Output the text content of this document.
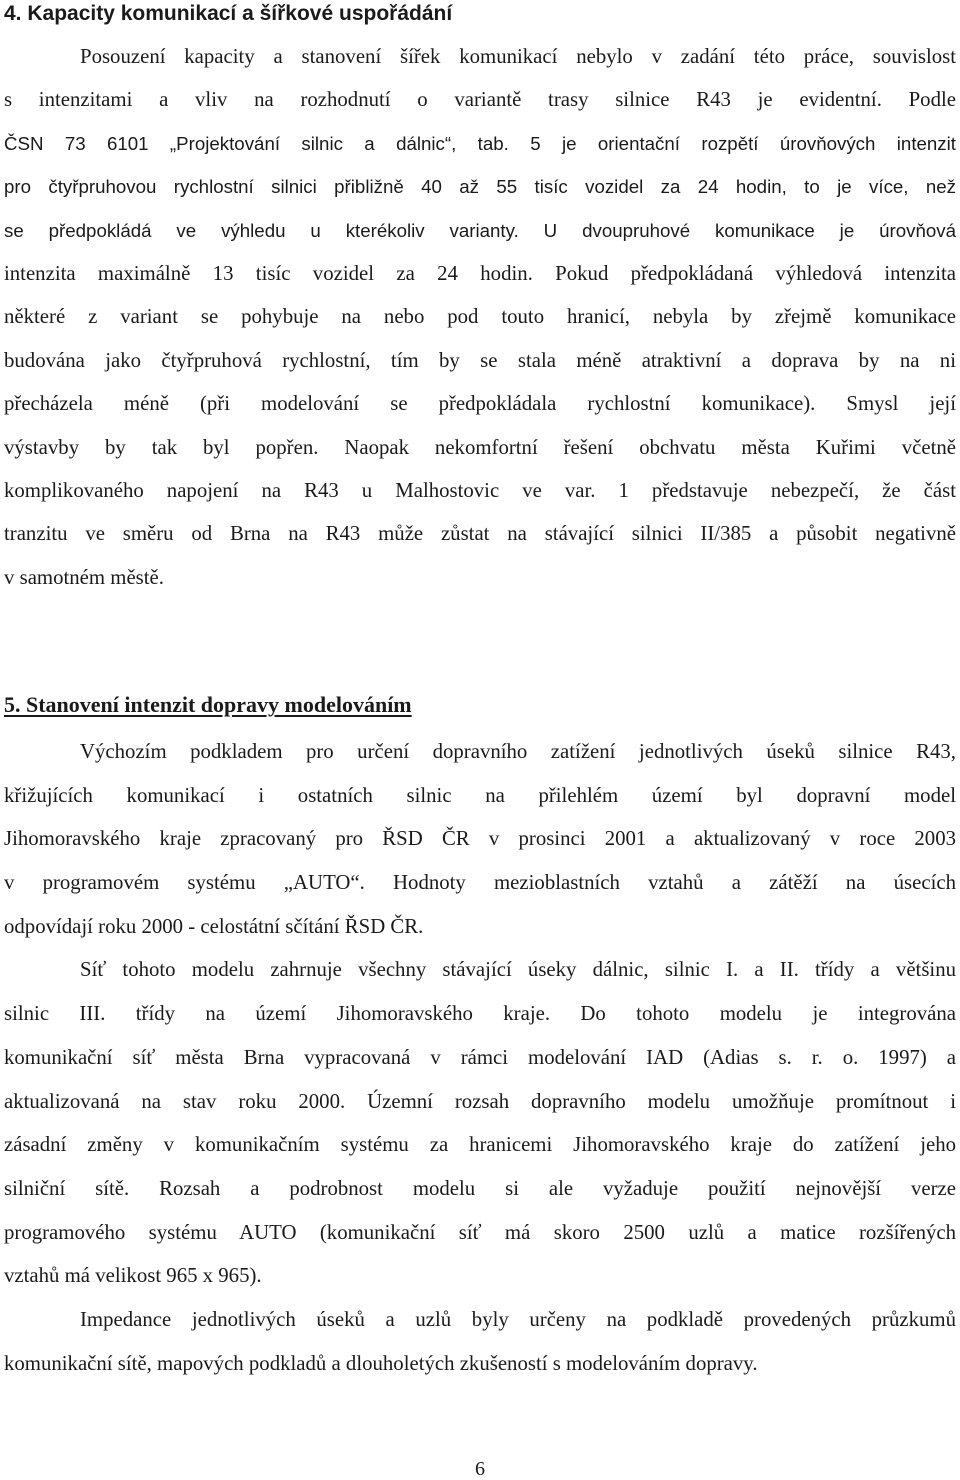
4. Kapacity komunikací a šířkové uspořádání
Posouzení kapacity a stanovení šířek komunikací nebylo v zadání této práce, souvislost
s intenzitami a vliv na rozhodnutí o variantě trasy silnice R43 je evidentní. Podle
ČSN 73 6101 „Projektování silnic a dálnic“, tab. 5 je orientační rozpětí úrovňových intenzit
pro čtyřpruhovou rychlostní silnici přibližně 40 až 55 tisíc vozidel za 24 hodin, to je více, než
se předpokládá ve výhledu u kterékoliv varianty. U dvoupruhové komunikace je úrovňová
intenzita maximálně 13 tisíc vozidel za 24 hodin. Pokud předpokládaná výhledová intenzita
některé z variant se pohybuje na nebo pod touto hranicí, nebyla by zřejmě komunikace
budována jako čtyřpruhová rychlostní, tím by se stala méně atraktivní a doprava by na ni
přecházela méně (při modelování se předpokládala rychlostní komunikace). Smysl její
výstavby by tak byl popřen. Naopak nekomfortní řešení obchvatu města Kuřimi včetně
komplikovaného napojení na R43 u Malhostovic ve var. 1 představuje nebezpečí, že část
tranzitu ve směru od Brna na R43 může zůstat na stávající silnici II/385 a působit negativně
v samotném městě.
5. Stanovení intenzit dopravy modelováním
Výchozím podkladem pro určení dopravního zatížení jednotlivých úseků silnice R43,
křižujících komunikací i ostatních silnic na přilehlém území byl dopravní model
Jihomoravského kraje zpracovaný pro ŘSD ČR v prosinci 2001 a aktualizovaný v roce 2003
v programovém systému „AUTO“. Hodnoty mezioblastních vztahů a zátěží na úsecích
odpovídají roku 2000 - celostátní sčítání ŘSD ČR.
Síť tohoto modelu zahrnuje všechny stávající úseky dálnic, silnic I. a II. třídy a většinu
silnic III. třídy na území Jihomoravského kraje. Do tohoto modelu je integrována
komunikační síť města Brna vypracovaná v rámci modelování IAD (Adias s. r. o. 1997) a
aktualizovaná na stav roku 2000. Územní rozsah dopravního modelu umožňuje promítnout i
zásadní změny v komunikačním systému za hranicemi Jihomoravského kraje do zatížení jeho
silniční sítě. Rozsah a podrobnost modelu si ale vyžaduje použití nejnovější verze
programového systému AUTO (komunikační síť má skoro 2500 uzlů a matice rozšířených
vztahů má velikost 965 x 965).
Impedance jednotlivých úseků a uzlů byly určeny na podkladě provedených průzkumů
komunikační sítě, mapových podkladů a dlouholetých zkušeností s modelováním dopravy.
6
